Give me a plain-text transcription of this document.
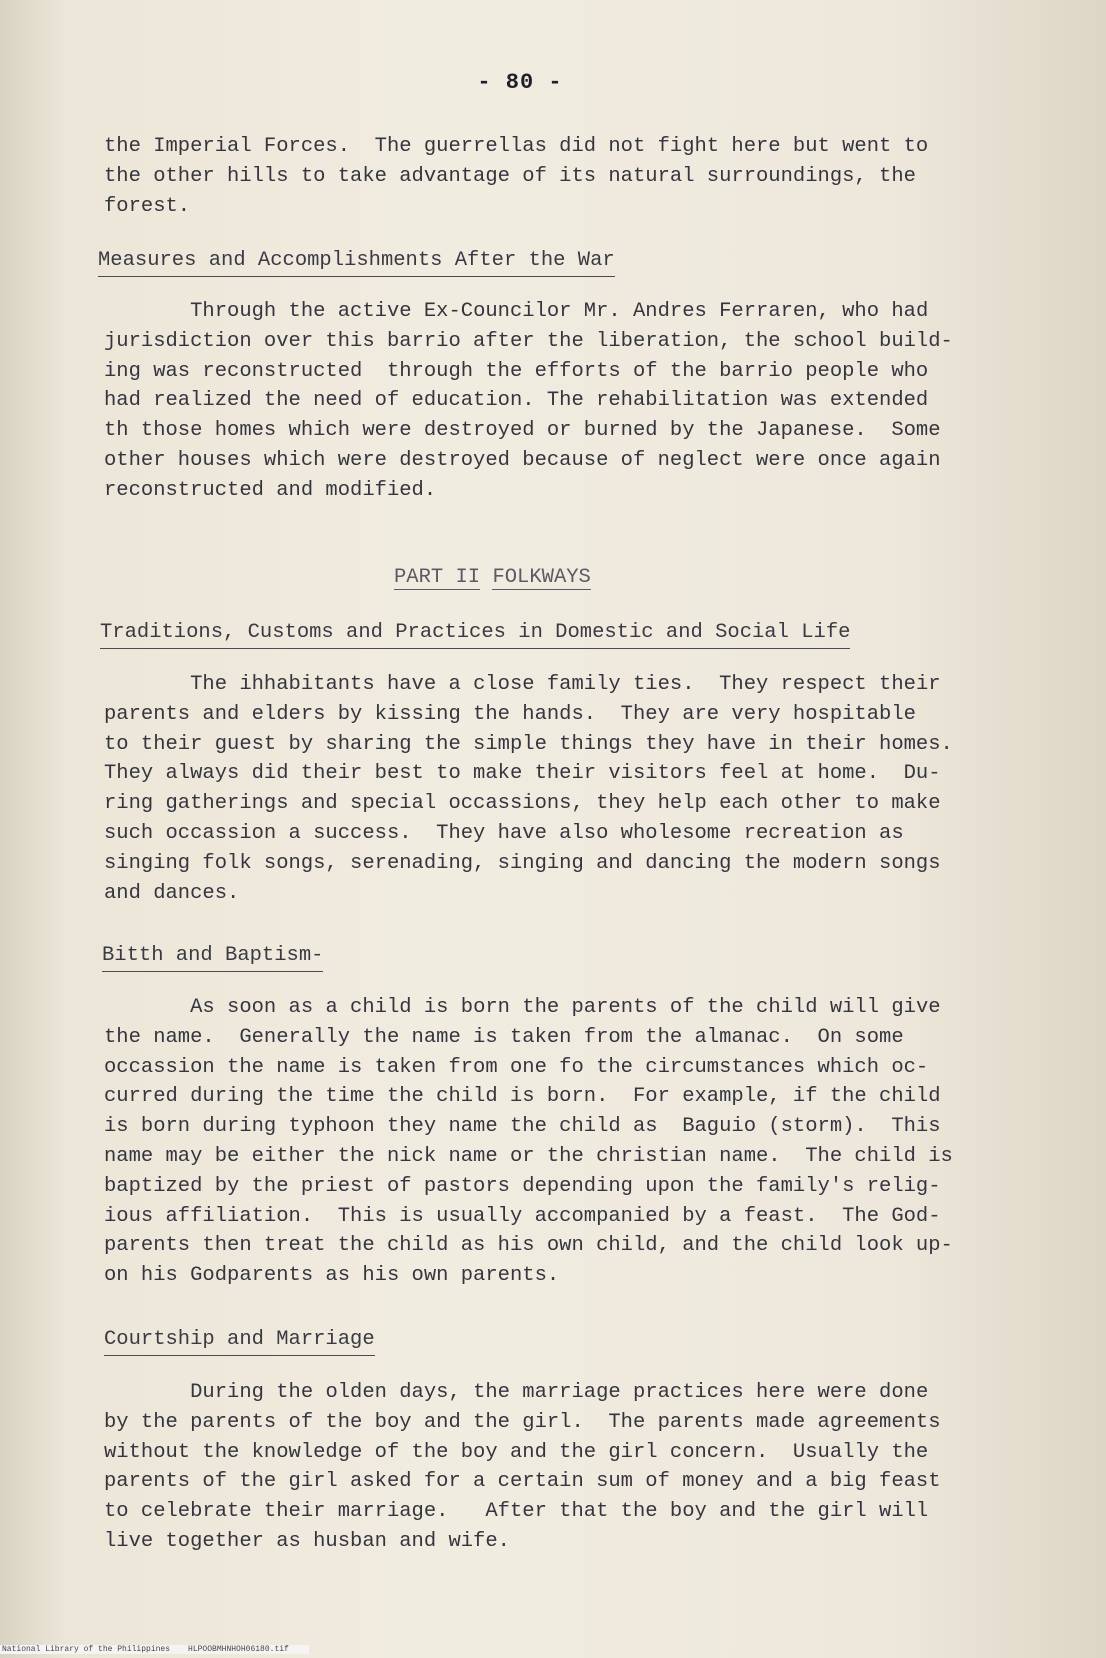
- 80 -

the Imperial Forces.  The guerrellas did not fight here but went to
the other hills to take advantage of its natural surroundings, the
forest.

Measures and Accomplishments After the War

Through the active Ex-Councilor Mr. Andres Ferraren, who had
jurisdiction over this barrio after the liberation, the school build-
ing was reconstructed  through the efforts of the barrio people who
had realized the need of education. The rehabilitation was extended
th those homes which were destroyed or burned by the Japanese.  Some
other houses which were destroyed because of neglect were once again
reconstructed and modified.

PART II FOLKWAYS
Traditions, Customs and Practices in Domestic and Social Life

The ihhabitants have a close family ties.  They respect their
parents and elders by kissing the hands.  They are very hospitable
to their guest by sharing the simple things they have in their homes.
They always did their best to make their visitors feel at home.  Du-
ring gatherings and special occassions, they help each other to make
such occassion a success.  They have also wholesome recreation as
singing folk songs, serenading, singing and dancing the modern songs
and dances.

Bitth and Baptism-

As soon as a child is born the parents of the child will give
the name.  Generally the name is taken from the almanac.  On some
occassion the name is taken from one fo the circumstances which oc-
curred during the time the child is born.  For example, if the child
is born during typhoon they name the child as  Baguio (storm).  This
name may be either the nick name or the christian name.  The child is
baptized by the priest of pastors depending upon the family's relig-
ious affiliation.  This is usually accompanied by a feast.  The God-
parents then treat the child as his own child, and the child look up-
on his Godparents as his own parents.

Courtship and Marriage

During the olden days, the marriage practices here were done
by the parents of the boy and the girl.  The parents made agreements
without the knowledge of the boy and the girl concern.  Usually the
parents of the girl asked for a certain sum of money and a big feast
to celebrate their marriage.   After that the boy and the girl will
live together as husban and wife.

National Library of the Philippines HLPOOBMHNHOH06180.tif
